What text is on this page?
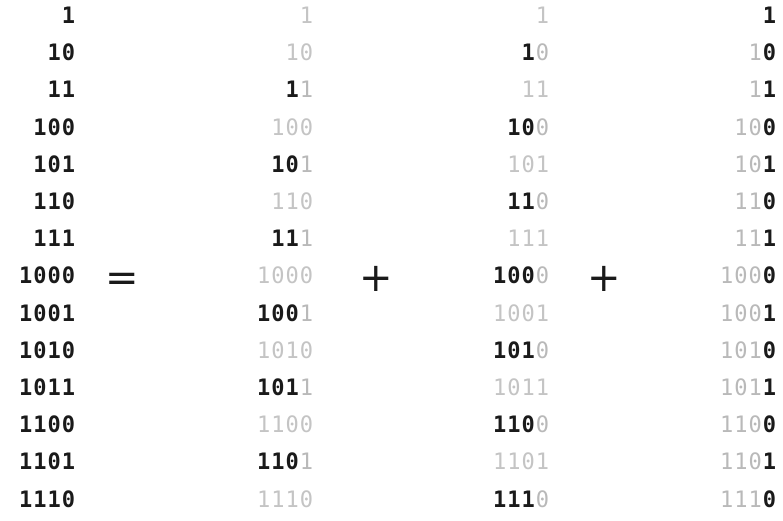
1
10
11
100
101
110
111
1000
1001
1010
1011
1100
1101
1110
1
10
11
100
101
110
111
1000
1001
1010
1011
1100
1101
1110
1
10
11
100
101
110
111
1000
1001
1010
1011
1100
1101
1110
1
10
11
100
101
110
111
1000
1001
1010
1011
1100
1101
1110
=	+	+
